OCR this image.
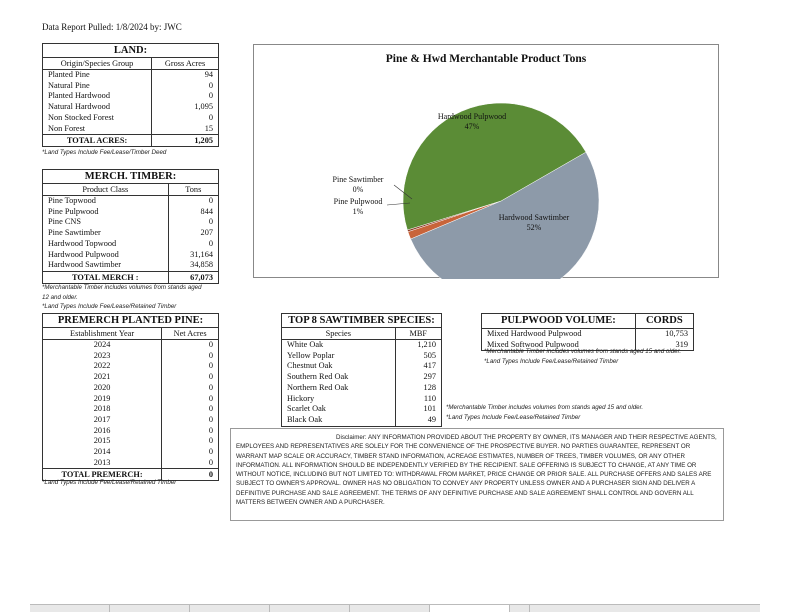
Data Report Pulled: 1/8/2024 by: JWC
LAND:
Origin/Species Group	Gross Acres
Planted Pine	94
Natural Pine	0
Planted Hardwood	0
Natural Hardwood	1,095
Non Stocked Forest	0
Non Forest	15
TOTAL ACRES:	1,205
*Land Types Include Fee/Lease/Timber Deed
MERCH. TIMBER:
Product Class	Tons
Pine Topwood	0
Pine Pulpwood	844
Pine CNS	0
Pine Sawtimber	207
Hardwood Topwood	0
Hardwood Pulpwood	31,164
Hardwood Sawtimber	34,858
TOTAL MERCH :	67,073
*Merchantable Timber includes volumes from stands aged
12 and older.
*Land Types Include Fee/Lease/Retained Timber
PREMERCH PLANTED PINE:
Establishment Year	Net Acres
2024	0
2023	0
2022	0
2021	0
2020	0
2019	0
2018	0
2017	0
2016	0
2015	0
2014	0
2013	0
TOTAL PREMERCH:	0
*Land Types Include Fee/Lease/Retained Timber
TOP 8 SAWTIMBER SPECIES:
Species	MBF
White Oak	1,210
Yellow Poplar	505
Chestnut Oak	417
Southern Red Oak	297
Northern Red Oak	128
Hickory	110
Scarlet Oak	101
Black Oak	49
*Merchantable Timber includes volumes from stands aged 15 and older.
*Land Types Include Fee/Lease/Retained Timber
PULPWOOD VOLUME:	CORDS
Mixed Hardwood Pulpwood	10,753
Mixed Softwood Pulpwood	319
*Merchantable Timber includes volumes from stands aged 15 and older.
*Land Types Include Fee/Lease/Retained Timber
Pine & Hwd Merchantable Product Tons
Hardwood Pulpwood
47%
Hardwood Sawtimber
52%
Pine Sawtimber
0%
Pine Pulpwood
1%
Disclaimer: ANY INFORMATION PROVIDED ABOUT THE PROPERTY BY OWNER, ITS MANAGER AND THEIR RESPECTIVE AGENTS, EMPLOYEES AND REPRESENTATIVES ARE SOLELY FOR THE CONVENIENCE OF THE PROSPECTIVE BUYER. NO PARTIES GUARANTEE, REPRESENT OR WARRANT MAP SCALE OR ACCURACY, TIMBER STAND INFORMATION, ACREAGE ESTIMATES, NUMBER OF TREES, TIMBER VOLUMES, OR ANY OTHER INFORMATION. ALL INFORMATION SHOULD BE INDEPENDENTLY VERIFIED BY THE RECIPIENT. SALE OFFERING IS SUBJECT TO CHANGE, AT ANY TIME OR WITHOUT NOTICE, INCLUDING BUT NOT LIMITED TO: WITHDRAWAL FROM MARKET, PRICE CHANGE OR PRIOR SALE. ALL PURCHASE OFFERS AND SALES ARE SUBJECT TO OWNER'S APPROVAL. OWNER HAS NO OBLIGATION TO CONVEY ANY PROPERTY UNLESS OWNER AND A PURCHASER SIGN AND DELIVER A DEFINITIVE PURCHASE AND SALE AGREEMENT. THE TERMS OF ANY DEFINITIVE PURCHASE AND SALE AGREEMENT SHALL CONTROL AND GOVERN ALL MATTERS BETWEEN OWNER AND A PURCHASER.
